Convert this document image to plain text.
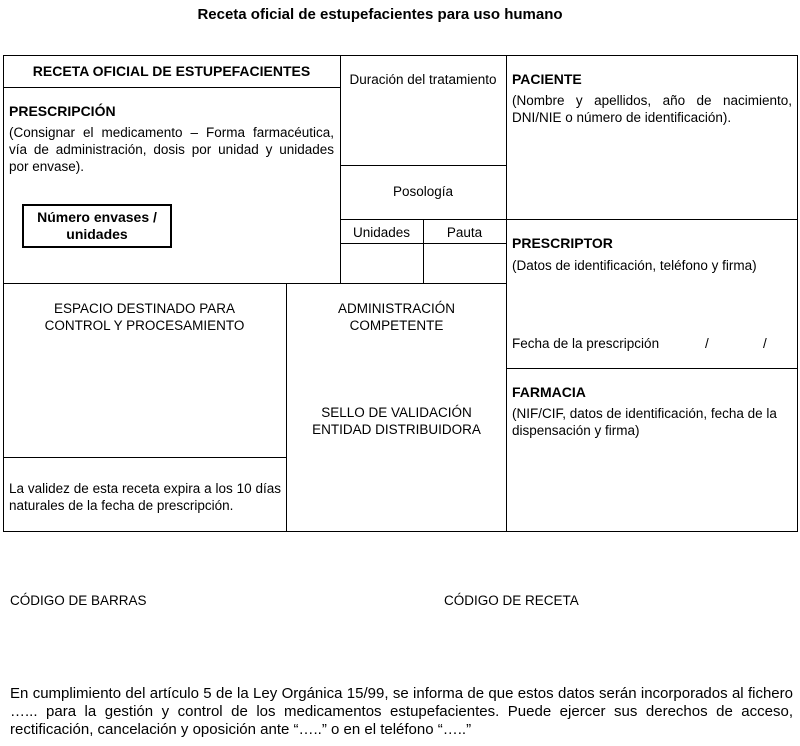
Receta oficial de estupefacientes para uso humano
RECETA OFICIAL DE ESTUPEFACIENTES
PRESCRIPCIÓN
(Consignar el medicamento – Forma farmacéutica, vía de administración, dosis por unidad y unidades por envase).
Número envases /
unidades
Duración del tratamiento
Posología
Unidades	Pauta
PACIENTE
(Nombre y apellidos, año de nacimiento, DNI/NIE o número de identificación).
PRESCRIPTOR
(Datos de identificación, teléfono y firma)
Fecha de la prescripción	/	/
ESPACIO DESTINADO PARA
CONTROL Y PROCESAMIENTO
La validez de esta receta expira a los 10 días naturales de la fecha de prescripción.
ADMINISTRACIÓN
COMPETENTE
SELLO DE VALIDACIÓN
ENTIDAD DISTRIBUIDORA
FARMACIA
(NIF/CIF, datos de identificación, fecha de la dispensación y firma)
CÓDIGO DE BARRAS	CÓDIGO DE RECETA
En cumplimiento del artículo 5 de la Ley Orgánica 15/99, se informa de que estos datos serán incorporados al fichero …... para la gestión y control de los medicamentos estupefacientes. Puede ejercer sus derechos de acceso, rectificación, cancelación y oposición ante “…..” o en el teléfono “…..”
